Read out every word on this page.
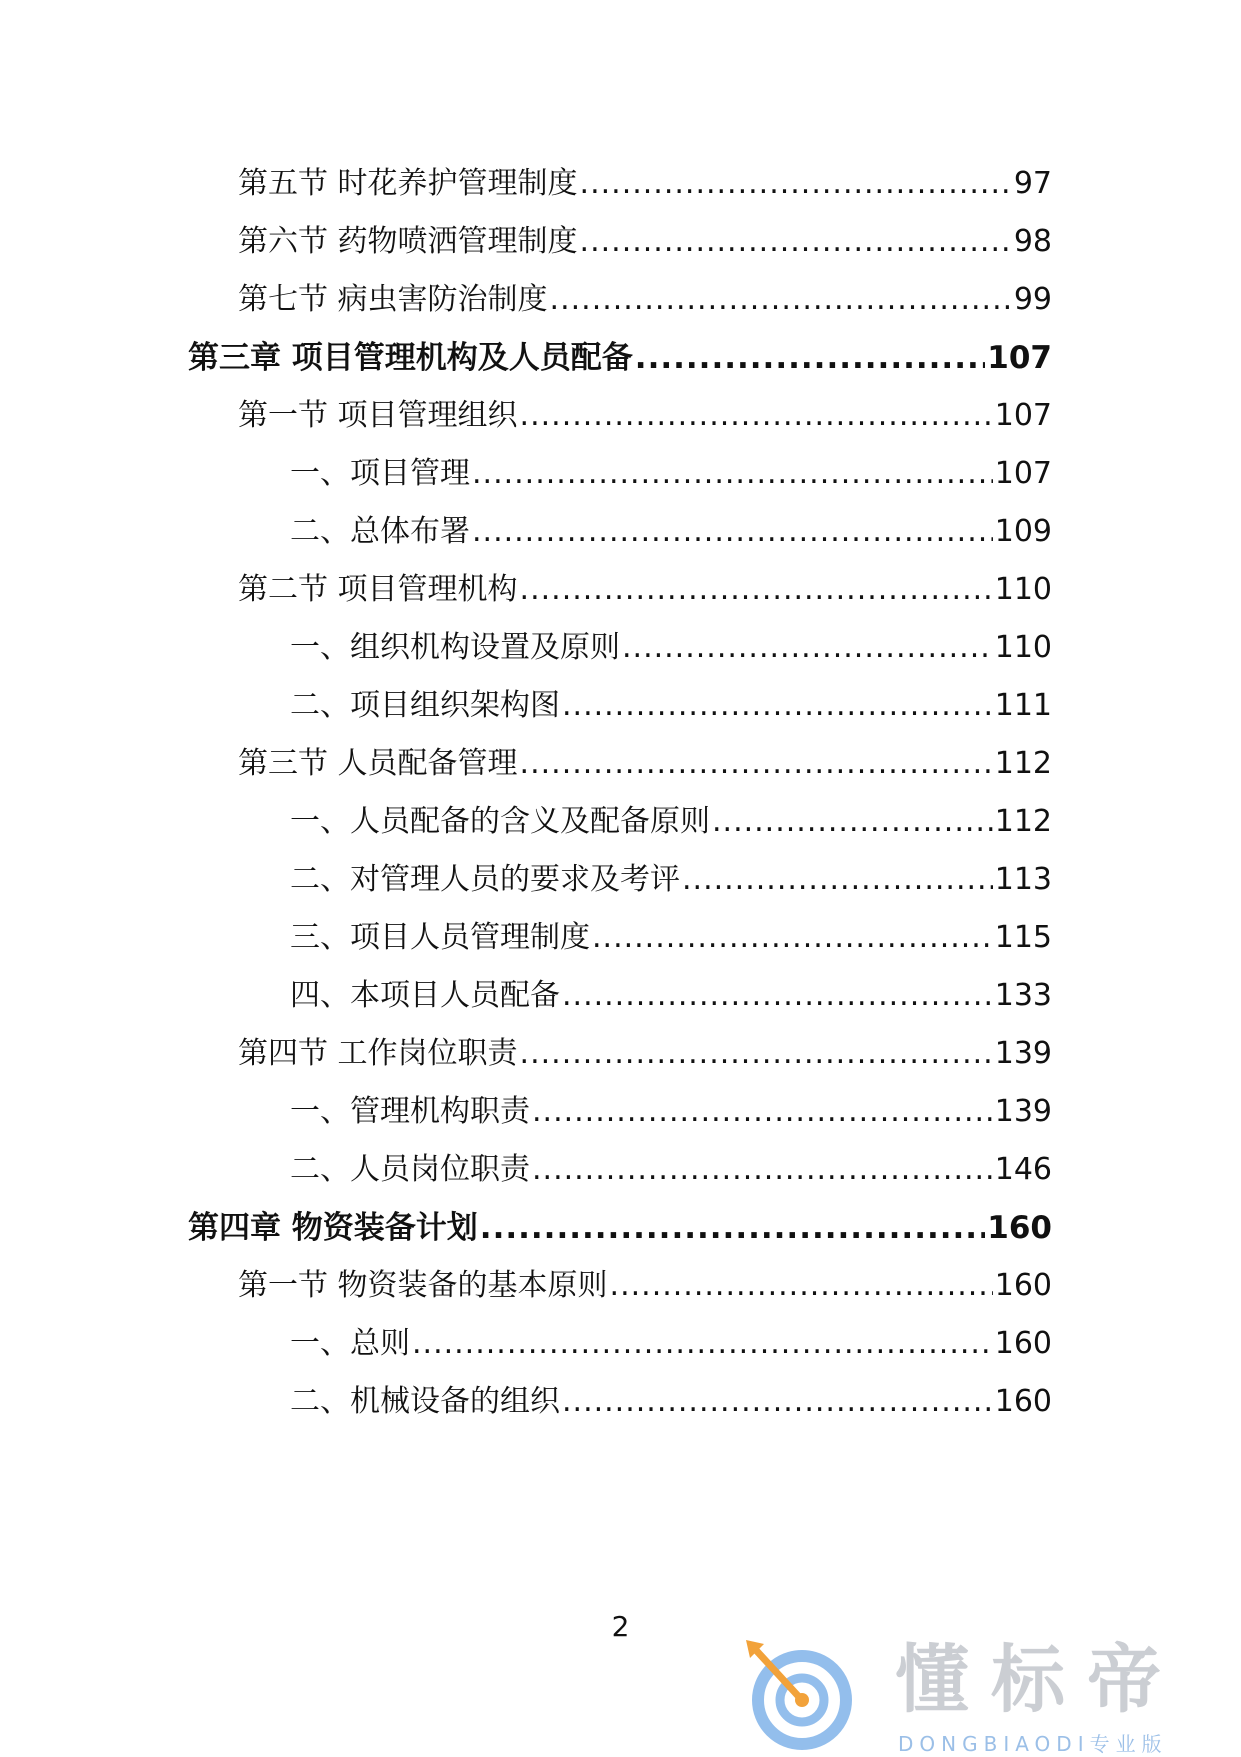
第五节 时花养护管理制度 .....	97
第六节 药物喷洒管理制度 .....	98
第七节 病虫害防治制度 .....	99
第三章 项目管理机构及人员配备 .....	107
第一节 项目管理组织 .....	107
一、项目管理 .....	107
二、总体布署 .....	109
第二节 项目管理机构 .....	110
一、组织机构设置及原则 .....	110
二、项目组织架构图 .....	111
第三节 人员配备管理 .....	112
一、人员配备的含义及配备原则 .....	112
二、对管理人员的要求及考评 .....	113
三、项目人员管理制度 .....	115
四、本项目人员配备 .....	133
第四节 工作岗位职责 .....	139
一、管理机构职责 .....	139
二、人员岗位职责 .....	146
第四章 物资装备计划 .....	160
第一节 物资装备的基本原则 .....	160
一、总则 .....	160
二、机械设备的组织 .....	160
2
懂标帝
DONGBIAODI专业版
